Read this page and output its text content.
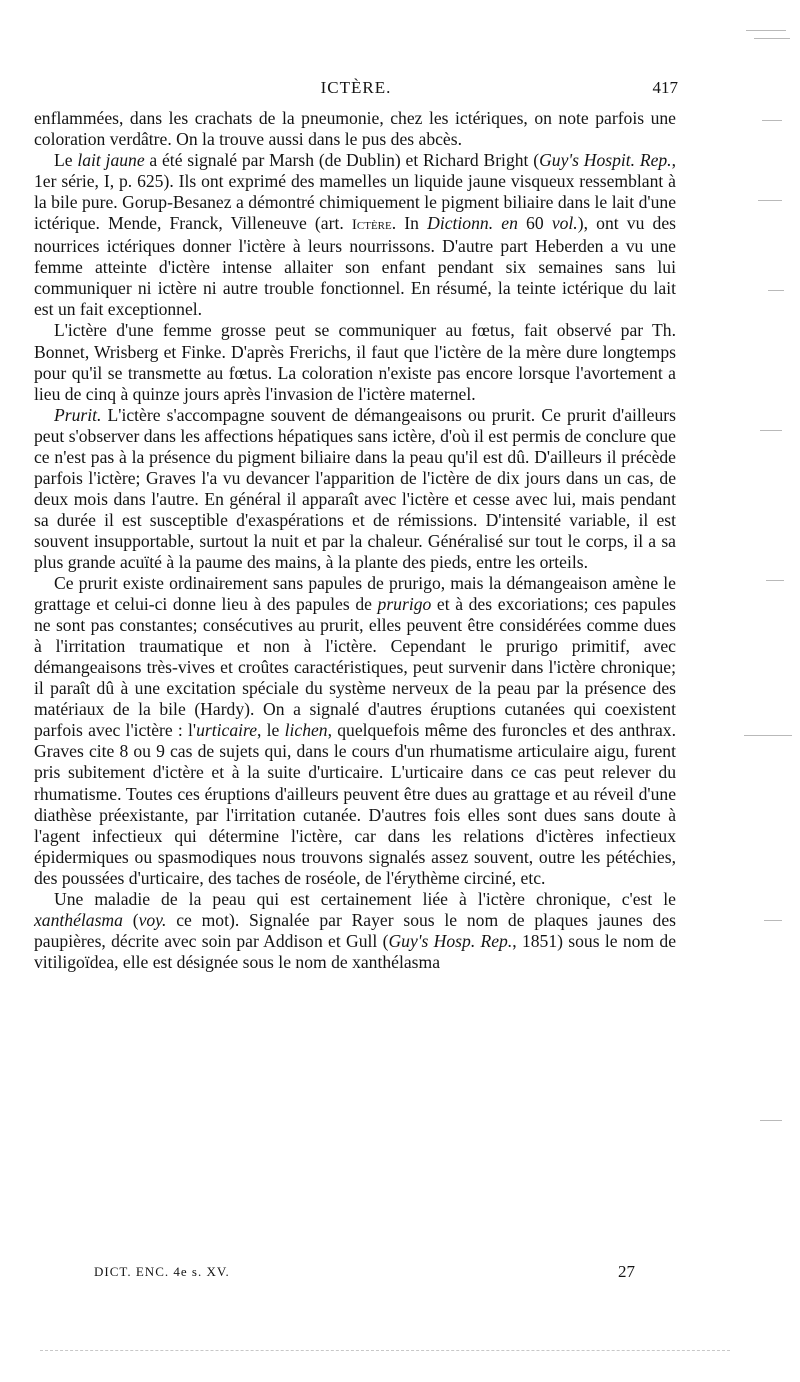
ICTÈRE.	417

enflammées, dans les crachats de la pneumonie, chez les ictériques, on note parfois une coloration verdâtre. On la trouve aussi dans le pus des abcès.

Le lait jaune a été signalé par Marsh (de Dublin) et Richard Bright (Guy's Hospit. Rep., 1er série, I, p. 625). Ils ont exprimé des mamelles un liquide jaune visqueux ressemblant à la bile pure. Gorup-Besanez a démontré chimiquement le pigment biliaire dans le lait d'une ictérique. Mende, Franck, Villeneuve (art. Ictère. In Dictionn. en 60 vol.), ont vu des nourrices ictériques donner l'ictère à leurs nourrissons. D'autre part Heberden a vu une femme atteinte d'ictère intense allaiter son enfant pendant six semaines sans lui communiquer ni ictère ni autre trouble fonctionnel. En résumé, la teinte ictérique du lait est un fait exceptionnel.

L'ictère d'une femme grosse peut se communiquer au fœtus, fait observé par Th. Bonnet, Wrisberg et Finke. D'après Frerichs, il faut que l'ictère de la mère dure longtemps pour qu'il se transmette au fœtus. La coloration n'existe pas encore lorsque l'avortement a lieu de cinq à quinze jours après l'invasion de l'ictère maternel.

Prurit. L'ictère s'accompagne souvent de démangeaisons ou prurit. Ce prurit d'ailleurs peut s'observer dans les affections hépatiques sans ictère, d'où il est permis de conclure que ce n'est pas à la présence du pigment biliaire dans la peau qu'il est dû. D'ailleurs il précède parfois l'ictère; Graves l'a vu devancer l'apparition de l'ictère de dix jours dans un cas, de deux mois dans l'autre. En général il apparaît avec l'ictère et cesse avec lui, mais pendant sa durée il est susceptible d'exaspérations et de rémissions. D'intensité variable, il est souvent insupportable, surtout la nuit et par la chaleur. Généralisé sur tout le corps, il a sa plus grande acuïté à la paume des mains, à la plante des pieds, entre les orteils.

Ce prurit existe ordinairement sans papules de prurigo, mais la démangeaison amène le grattage et celui-ci donne lieu à des papules de prurigo et à des excoriations; ces papules ne sont pas constantes; consécutives au prurit, elles peuvent être considérées comme dues à l'irritation traumatique et non à l'ictère. Cependant le prurigo primitif, avec démangeaisons très-vives et croûtes caractéristiques, peut survenir dans l'ictère chronique; il paraît dû à une excitation spéciale du système nerveux de la peau par la présence des matériaux de la bile (Hardy). On a signalé d'autres éruptions cutanées qui coexistent parfois avec l'ictère : l'urticaire, le lichen, quelquefois même des furoncles et des anthrax. Graves cite 8 ou 9 cas de sujets qui, dans le cours d'un rhumatisme articulaire aigu, furent pris subitement d'ictère et à la suite d'urticaire. L'urticaire dans ce cas peut relever du rhumatisme. Toutes ces éruptions d'ailleurs peuvent être dues au grattage et au réveil d'une diathèse préexistante, par l'irritation cutanée. D'autres fois elles sont dues sans doute à l'agent infectieux qui détermine l'ictère, car dans les relations d'ictères infectieux épidermiques ou spasmodiques nous trouvons signalés assez souvent, outre les pétéchies, des poussées d'urticaire, des taches de roséole, de l'érythème circiné, etc.

Une maladie de la peau qui est certainement liée à l'ictère chronique, c'est le xanthélasma (voy. ce mot). Signalée par Rayer sous le nom de plaques jaunes des paupières, décrite avec soin par Addison et Gull (Guy's Hosp. Rep., 1851) sous le nom de vitiligoïdea, elle est désignée sous le nom de xanthélasma

DICT. ENC. 4e s. XV.	27
